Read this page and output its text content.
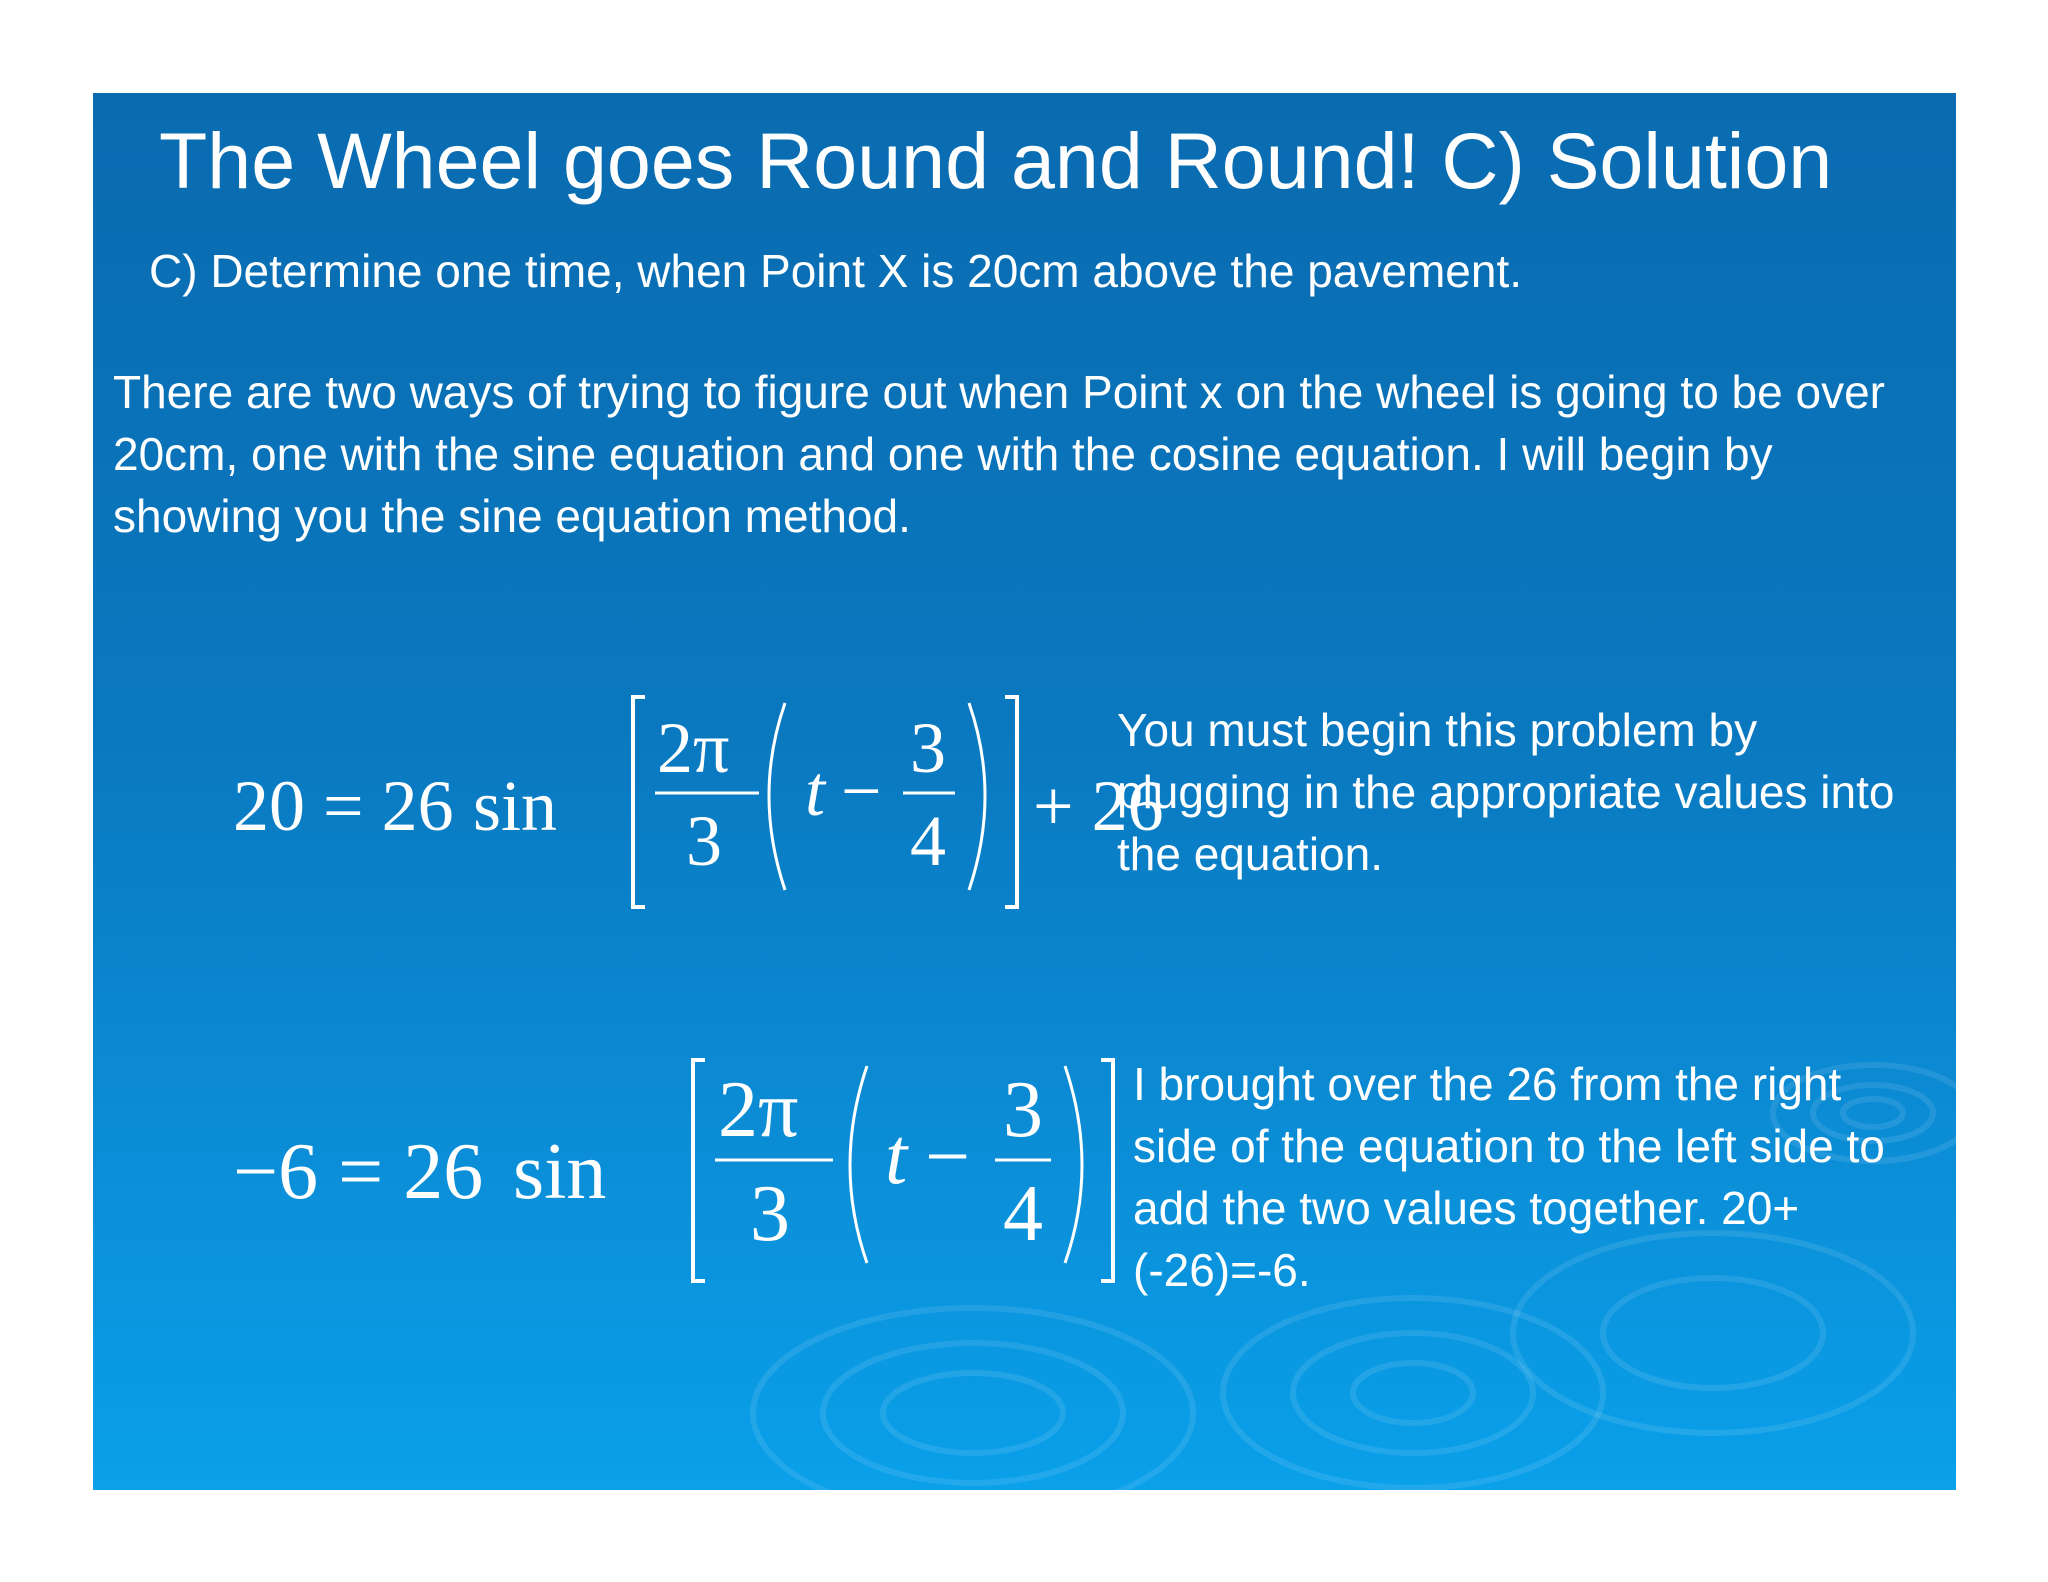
The Wheel goes Round and Round! C) Solution
C) Determine one time, when Point X is 20cm above the pavement.
There are two ways of trying to figure out when Point x on the wheel is going to be over 20cm, one with the sine equation and one with the cosine equation. I will begin by showing you the sine equation method.
20 = 26 sin
2π
3
t −
3
4 + 26
You must begin this problem by plugging in the appropriate values into the equation.
−6 = 26 sin
2π
3
t −
3
4
I brought over the 26 from the right side of the equation to the left side to add the two values together. 20+(-26)=-6.
